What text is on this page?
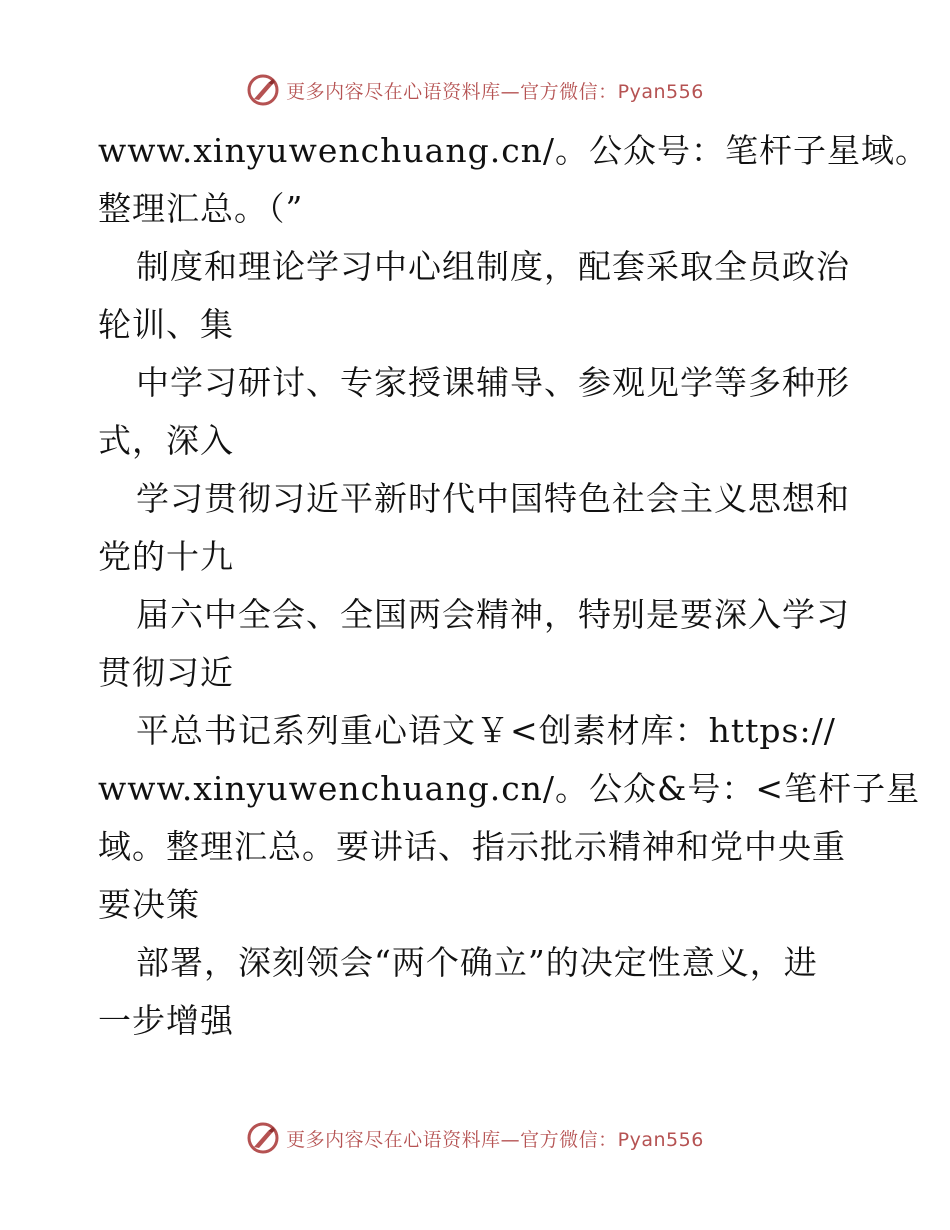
更多内容尽在心语资料库—官方微信：Pyan556
www.xinyuwenchuang.cn/。公众号：笔杆子星域。
整理汇总。（”
制度和理论学习中心组制度，配套采取全员政治
轮训、集
中学习研讨、专家授课辅导、参观见学等多种形
式，深入
学习贯彻习近平新时代中国特色社会主义思想和
党的十九
届六中全会、全国两会精神，特别是要深入学习
贯彻习近
平总书记系列重心语文￥<创素材库：https://
www.xinyuwenchuang.cn/。公众&号：<笔杆子星
域。整理汇总。要讲话、指示批示精神和党中央重
要决策
部署，深刻领会“两个确立”的决定性意义，进
一步增强
更多内容尽在心语资料库—官方微信：Pyan556
